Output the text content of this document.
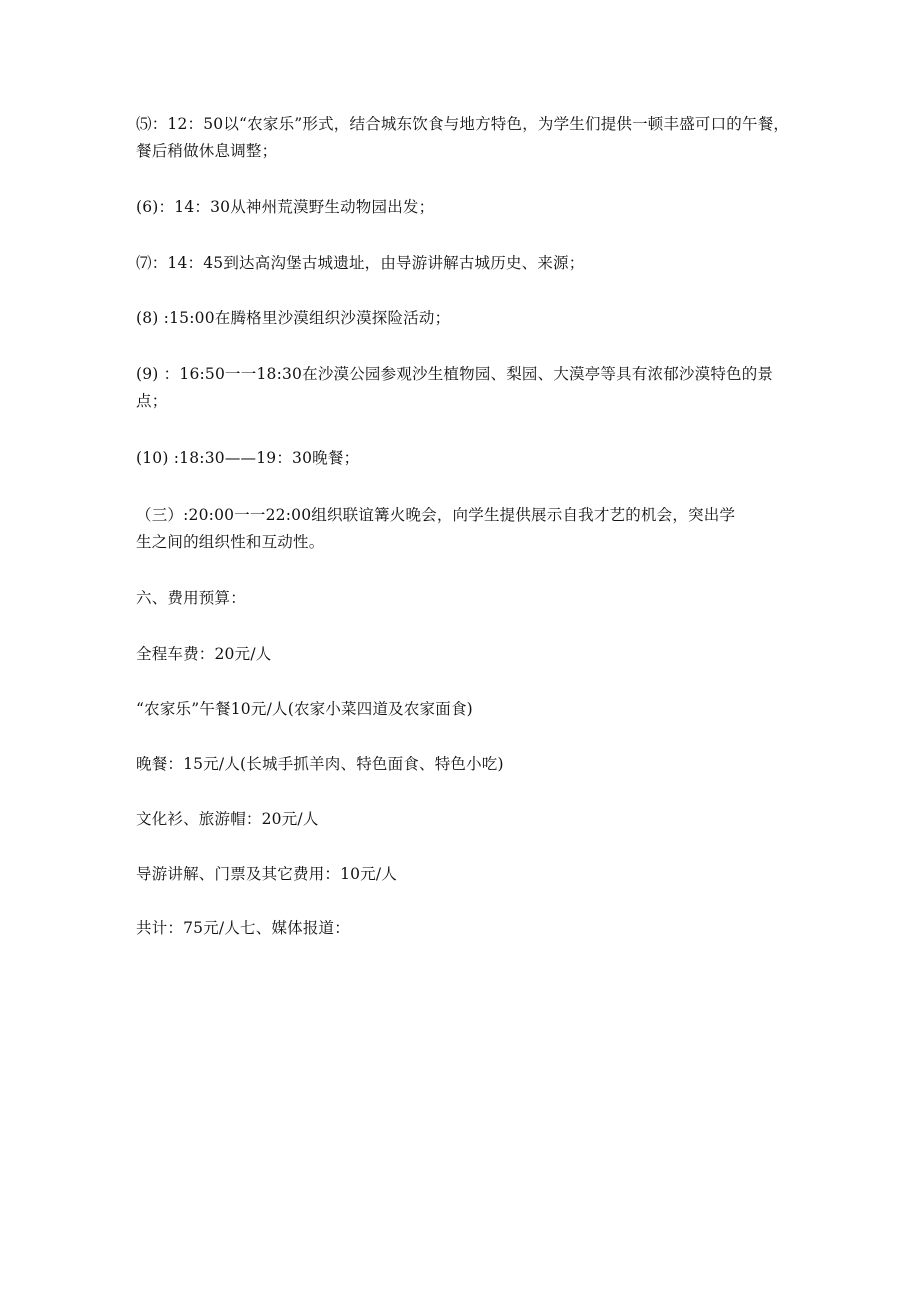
⑸：12：50以“农家乐”形式，结合城东饮食与地方特色，为学生们提供一顿丰盛可口的午餐，餐后稍做休息调整；

(6)：14：30从神州荒漠野生动物园出发；

⑺：14：45到达高沟堡古城遗址，由导游讲解古城历史、来源；

(8) :15:00在腾格里沙漠组织沙漠探险活动；

(9) ：16:50一一18:30在沙漠公园参观沙生植物园、梨园、大漠亭等具有浓郁沙漠特色的景点；

(10) :18:30——19：30晚餐；

（三）:20:00一一22:00组织联谊篝火晚会，向学生提供展示自我才艺的机会，突出学生之间的组织性和互动性。

六、费用预算：

全程车费：20元/人

“农家乐”午餐10元/人(农家小菜四道及农家面食)

晚餐：15元/人(长城手抓羊肉、特色面食、特色小吃)

文化衫、旅游帽：20元/人

导游讲解、门票及其它费用：10元/人

共计：75元/人七、媒体报道：
